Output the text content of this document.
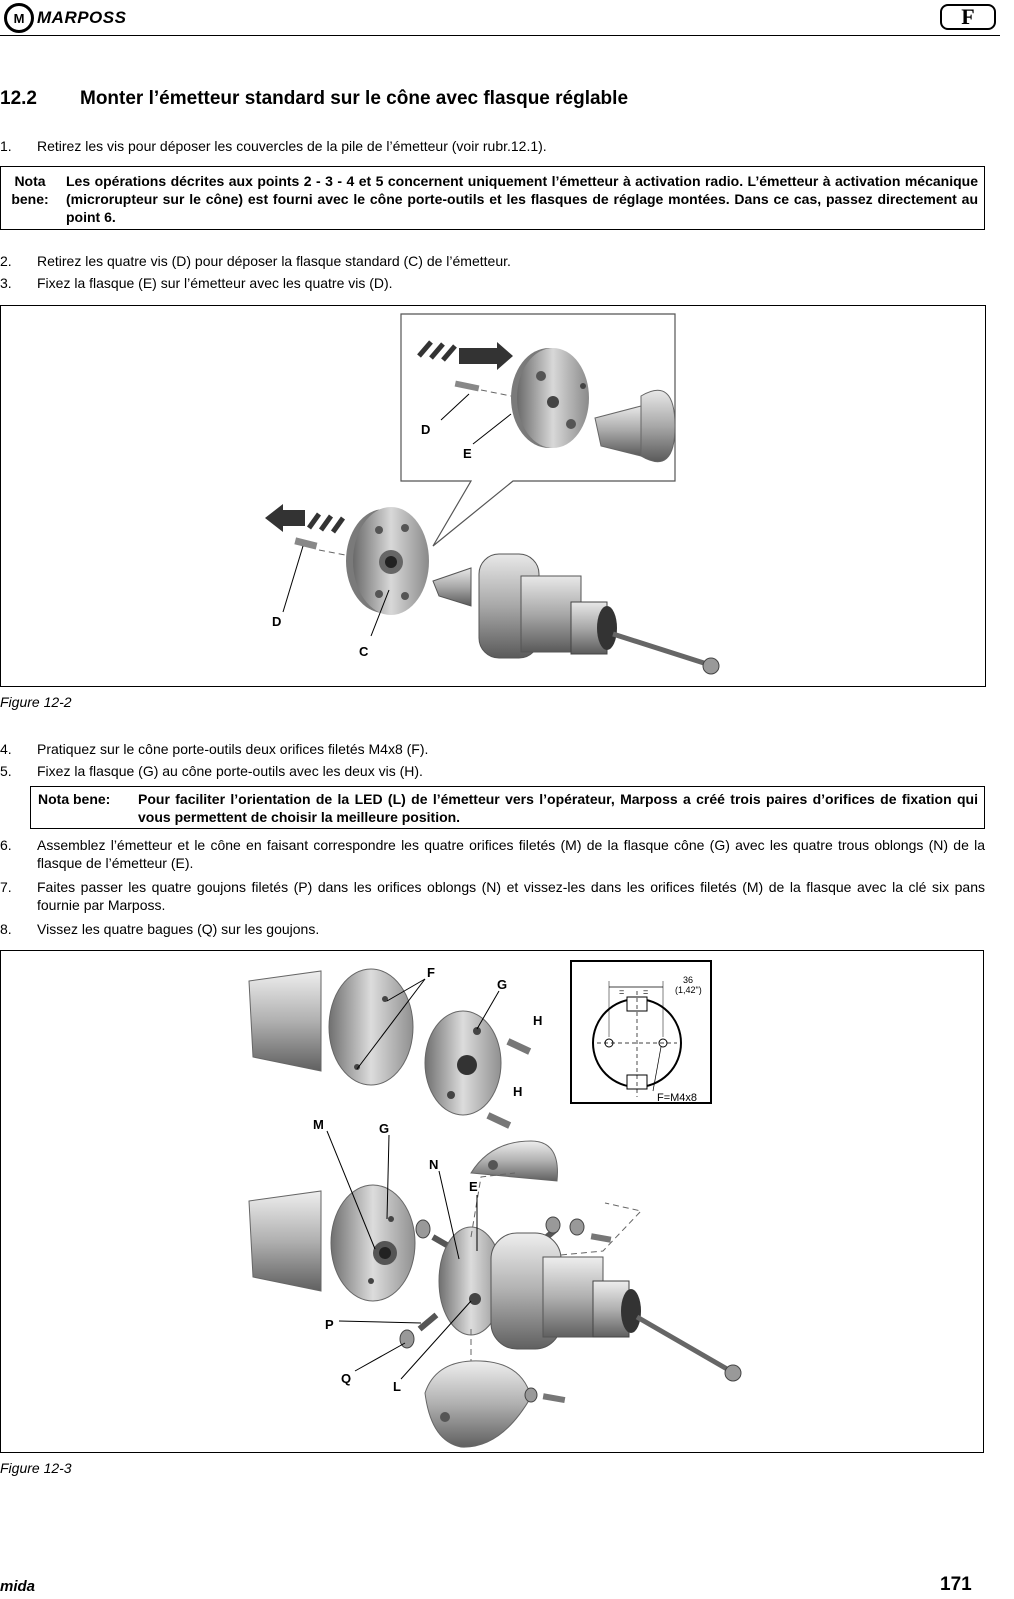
M MARPOSS	F
12.2 Monter l’émetteur standard sur le cône avec flasque réglable
1. Retirez les vis pour déposer les couvercles de la pile de l’émetteur (voir rubr.12.1).
Nota bene:
Les opérations décrites aux points 2 - 3 - 4 et 5 concernent uniquement l’émetteur à activation radio. L’émetteur à activation mécanique (microrupteur sur le cône) est fourni avec le cône porte-outils et les flasques de réglage montées. Dans ce cas, passez directement au point 6.
2. Retirez les quatre vis (D) pour déposer la flasque standard (C) de l’émetteur.
3. Fixez la flasque (E) sur l’émetteur avec les quatre vis (D).
D
E
D
C
Figure 12-2
4. Pratiquez sur le cône porte-outils deux orifices filetés M4x8 (F).
5. Fixez la flasque (G) au cône porte-outils avec les deux vis (H).
Nota bene:	Pour faciliter l’orientation de la LED (L) de l’émetteur vers l’opérateur, Marposs a créé trois paires d’orifices de fixation qui vous permettent de choisir la meilleure position.
6. Assemblez l’émetteur et le cône en faisant correspondre les quatre orifices filetés (M) de la flasque cône (G) avec les quatre trous oblongs (N) de la flasque de l’émetteur (E).
7. Faites passer les quatre goujons filetés (P) dans les orifices oblongs (N) et vissez-les dans les orifices filetés (M) de la flasque avec la clé six pans fournie par Marposs.
8. Vissez les quatre bagues (Q) sur les goujons.
F
G
H
H
36
(1,42")
= =
F=M4x8
M	G
N
E
P
Q
L
Figure 12-3
mida	171
